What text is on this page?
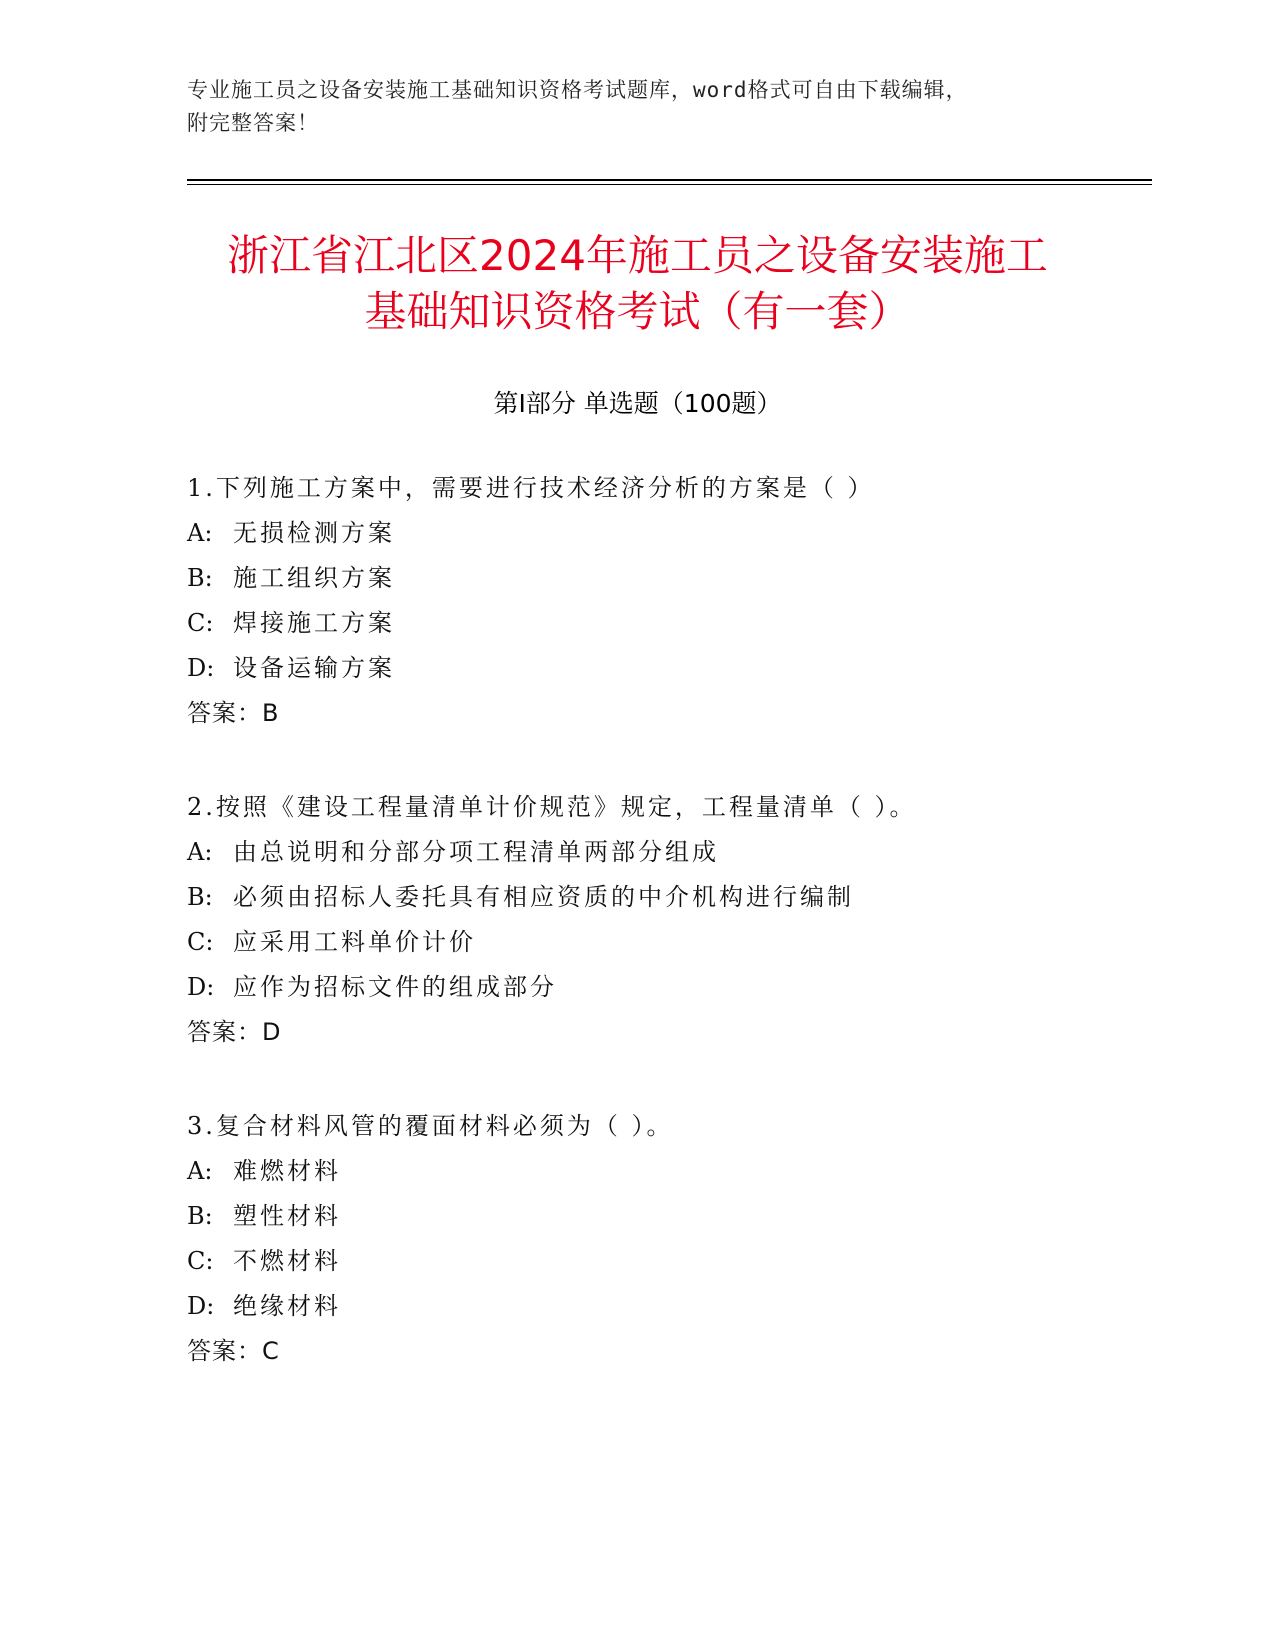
专业施工员之设备安装施工基础知识资格考试题库，word格式可自由下载编辑，
附完整答案！
浙江省江北区2024年施工员之设备安装施工
基础知识资格考试（有一套）
第Ⅰ部分 单选题（100题）
1.下列施工方案中，需要进行技术经济分析的方案是（ ）
A: 无损检测方案
B: 施工组织方案
C: 焊接施工方案
D: 设备运输方案
答案：B
2.按照《建设工程量清单计价规范》规定，工程量清单（ ）。
A: 由总说明和分部分项工程清单两部分组成
B: 必须由招标人委托具有相应资质的中介机构进行编制
C: 应采用工料单价计价
D: 应作为招标文件的组成部分
答案：D
3.复合材料风管的覆面材料必须为（ ）。
A: 难燃材料
B: 塑性材料
C: 不燃材料
D: 绝缘材料
答案：C
